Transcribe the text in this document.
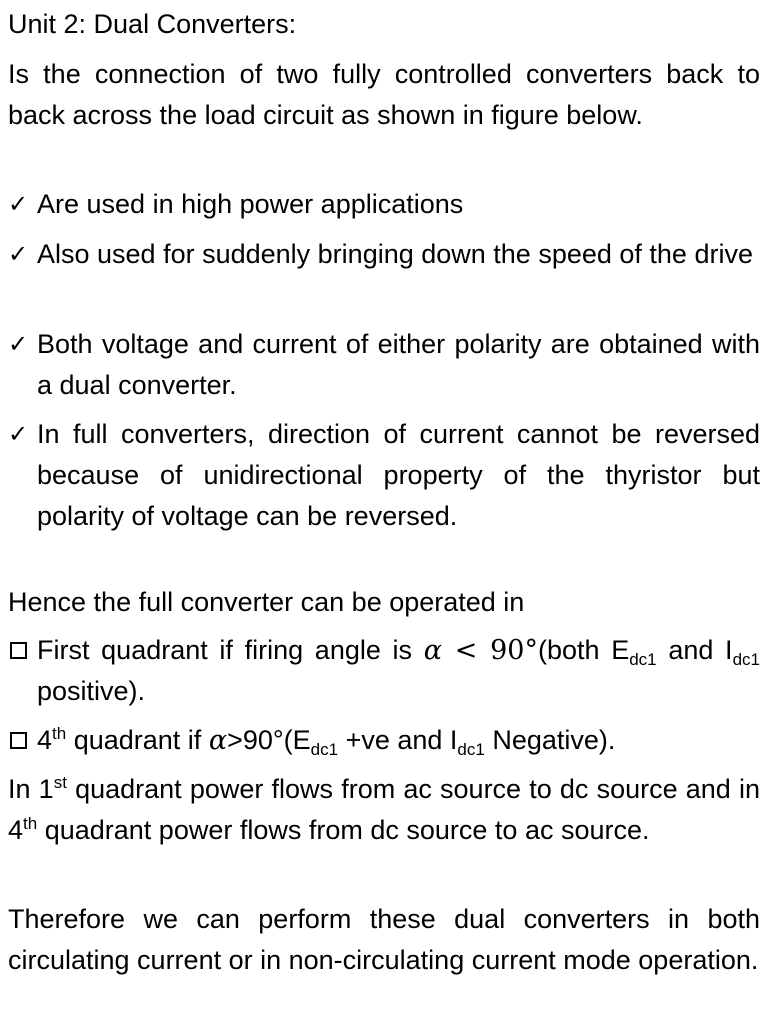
Unit 2: Dual Converters:
Is the connection of two fully controlled converters back to back across the load circuit as shown in figure below.
✓ Are used in high power applications
✓ Also used for suddenly bringing down the speed of the drive
✓ Both voltage and current of either polarity are obtained with a dual converter.
✓ In full converters, direction of current cannot be reversed because of unidirectional property of the thyristor but polarity of voltage can be reversed.
Hence the full converter can be operated in
First quadrant if firing angle is α < 90°(both $E_{dc1}$ and $I_{dc1}$ positive).
4th quadrant if $\alpha>90^\circ(E_{dc1} +ve$ and $I_{dc1}$ Negative).
In 1st quadrant power flows from ac source to dc source and in 4th quadrant power flows from dc source to ac source.
Therefore we can perform these dual converters in both circulating current or in non-circulating current mode operation.
